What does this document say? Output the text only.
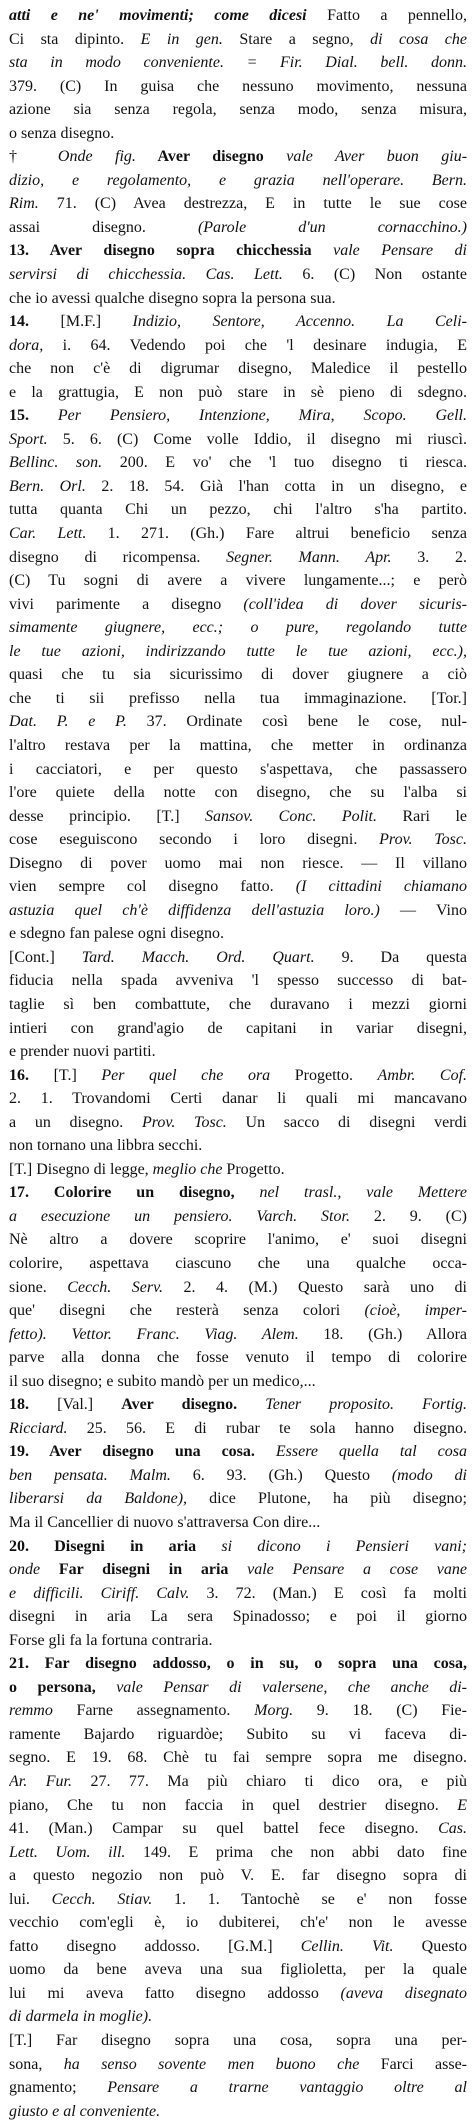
atti e ne' movimenti; come dicesi Fatto a pennello,
Ci sta dipinto. E in gen. Stare a segno, di cosa che
sta in modo conveniente. = Fir. Dial. bell. donn.
379. (C) In guisa che nessuno movimento, nessuna
azione sia senza regola, senza modo, senza misura,
o senza disegno.
† Onde fig. Aver disegno vale Aver buon giu-
dizio, e regolamento, e grazia nell'operare. Bern.
Rim. 71. (C) Avea destrezza, E in tutte le sue cose
assai disegno. (Parole d'un cornacchino.)
13. Aver disegno sopra chicchessia vale Pensare di
servirsi di chicchessia. Cas. Lett. 6. (C) Non ostante
che io avessi qualche disegno sopra la persona sua.
14. [M.F.] Indizio, Sentore, Accenno. La Celi-
dora, i. 64. Vedendo poi che 'l desinare indugia, E
che non c'è di digrumar disegno, Maledice il pestello
e la grattugia, E non può stare in sè pieno di sdegno.
15. Per Pensiero, Intenzione, Mira, Scopo. Gell.
Sport. 5. 6. (C) Come volle Iddio, il disegno mi riuscì.
Bellinc. son. 200. E vo' che 'l tuo disegno ti riesca.
Bern. Orl. 2. 18. 54. Già l'han cotta in un disegno, e
tutta quanta Chi un pezzo, chi l'altro s'ha partito.
Car. Lett. 1. 271. (Gh.) Fare altrui beneficio senza
disegno di ricompensa. Segner. Mann. Apr. 3. 2.
(C) Tu sogni di avere a vivere lungamente...; e però
vivi parimente a disegno (coll'idea di dover sicuris-
simamente giugnere, ecc.; o pure, regolando tutte
le tue azioni, indirizzando tutte le tue azioni, ecc.),
quasi che tu sia sicurissimo di dover giugnere a ciò
che ti sii prefisso nella tua immaginazione. [Tor.]
Dat. P. e P. 37. Ordinate così bene le cose, nul-
l'altro restava per la mattina, che metter in ordinanza
i cacciatori, e per questo s'aspettava, che passassero
l'ore quiete della notte con disegno, che su l'alba si
desse principio. [T.] Sansov. Conc. Polit. Rari le
cose eseguiscono secondo i loro disegni. Prov. Tosc.
Disegno di pover uomo mai non riesce. — Il villano
vien sempre col disegno fatto. (I cittadini chiamano
astuzia quel ch'è diffidenza dell'astuzia loro.) — Vino
e sdegno fan palese ogni disegno.
[Cont.] Tard. Macch. Ord. Quart. 9. Da questa
fiducia nella spada avveniva 'l spesso successo di bat-
taglie sì ben combattute, che duravano i mezzi giorni
intieri con grand'agio de capitani in variar disegni,
e prender nuovi partiti.
16. [T.] Per quel che ora Progetto. Ambr. Cof.
2. 1. Trovandomi Certi danar li quali mi mancavano
a un disegno. Prov. Tosc. Un sacco di disegni verdi
non tornano una libbra secchi.
[T.] Disegno di legge, meglio che Progetto.
17. Colorire un disegno, nel trasl., vale Mettere
a esecuzione un pensiero. Varch. Stor. 2. 9. (C)
Nè altro a dovere scoprire l'animo, e' suoi disegni
colorire, aspettava ciascuno che una qualche occa-
sione. Cecch. Serv. 2. 4. (M.) Questo sarà uno di
que' disegni che resterà senza colori (cioè, imper-
fetto). Vettor. Franc. Viag. Alem. 18. (Gh.) Allora
parve alla donna che fosse venuto il tempo di colorire
il suo disegno; e subito mandò per un medico,...
18. [Val.] Aver disegno. Tener proposito. Fortig.
Ricciard. 25. 56. E di rubar te sola hanno disegno.
19. Aver disegno una cosa. Essere quella tal cosa
ben pensata. Malm. 6. 93. (Gh.) Questo (modo di
liberarsi da Baldone), dice Plutone, ha più disegno;
Ma il Cancellier di nuovo s'attraversa Con dire...
20. Disegni in aria si dicono i Pensieri vani;
onde Far disegni in aria vale Pensare a cose vane
e difficili. Ciriff. Calv. 3. 72. (Man.) E così fa molti
disegni in aria La sera Spinadosso; e poi il giorno
Forse gli fa la fortuna contraria.
21. Far disegno addosso, o in su, o sopra una cosa,
o persona, vale Pensar di valersene, che anche di-
remmo Farne assegnamento. Morg. 9. 18. (C) Fie-
ramente Bajardo riguardòe; Subito su vi faceva di-
segno. E 19. 68. Chè tu fai sempre sopra me disegno.
Ar. Fur. 27. 77. Ma più chiaro ti dico ora, e più
piano, Che tu non faccia in quel destrier disegno. E
41. (Man.) Campar su quel battel fece disegno. Cas.
Lett. Uom. ill. 149. E prima che non abbi dato fine
a questo negozio non può V. E. far disegno sopra di
lui. Cecch. Stiav. 1. 1. Tantochè se e' non fosse
vecchio com'egli è, io dubiterei, ch'e' non le avesse
fatto disegno addosso. [G.M.] Cellin. Vit. Questo
uomo da bene aveva una sua figlioletta, per la quale
lui mi aveva fatto disegno addosso (aveva disegnato
di darmela in moglie).
[T.] Far disegno sopra una cosa, sopra una per-
sona, ha senso sovente men buono che Farci asse-
gnamento; Pensare a trarne vantaggio oltre al
giusto e al conveniente.
